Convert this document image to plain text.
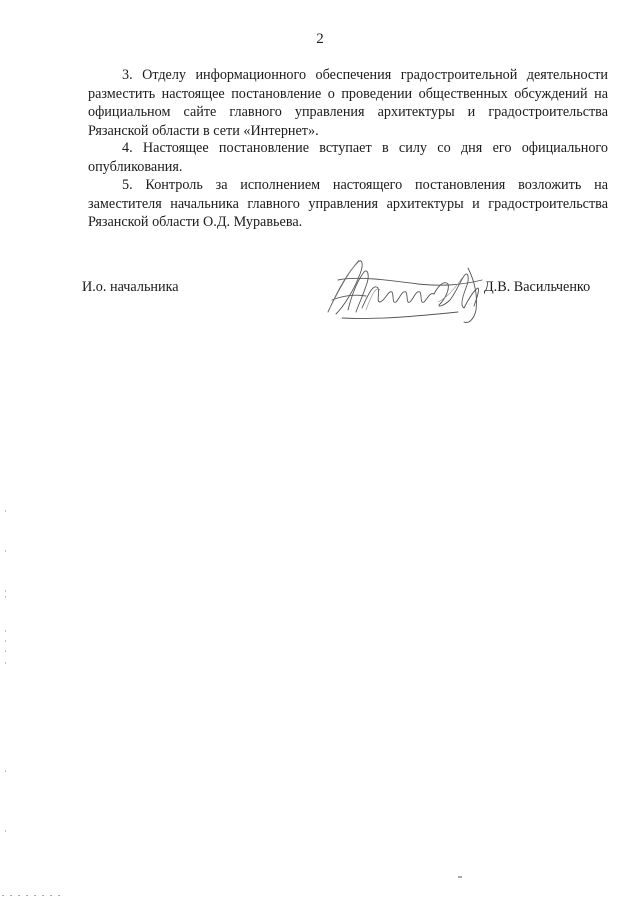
2

3. Отделу информационного обеспечения градостроительной деятельности разместить настоящее постановление о проведении общественных обсуждений на официальном сайте главного управления архитектуры и градостроительства Рязанской области в сети «Интернет».

4. Настоящее постановление вступает в силу со дня его официального опубликования.

5. Контроль за исполнением настоящего постановления возложить на заместителя начальника главного управления архитектуры и градостроительства Рязанской области О.Д. Муравьева.

И.о. начальника	Д.В. Васильченко
